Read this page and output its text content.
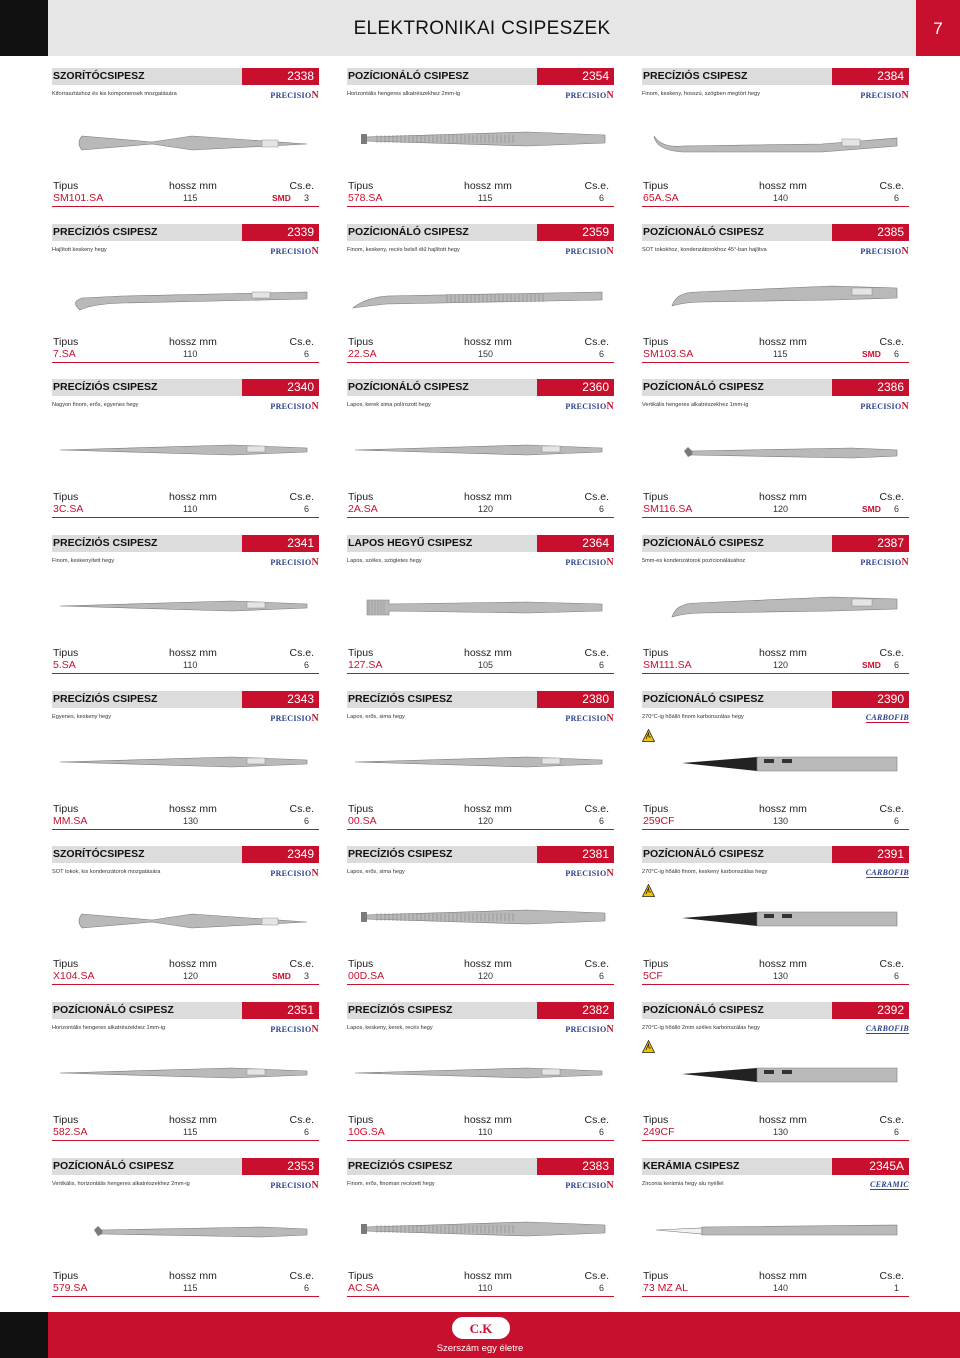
ELEKTRONIKAI CSIPESZEK	7
SZORÍTÓCSIPESZ	2338
Kiforrasztáshoz és kis komponensek mozgatására	PRECISION
Tipus	hossz mm	Cs.e.
SM101.SA	115	SMD 3
POZÍCIONÁLÓ CSIPESZ	2354
Horizontális hengeres alkatrészekhez 2mm-ig	PRECISION
Tipus	hossz mm	Cs.e.
578.SA	115	6
PRECÍZIÓS CSIPESZ	2384
Finom, keskeny, hosszú, szögben megtört hegy	PRECISION
Tipus	hossz mm	Cs.e.
65A.SA	140	6
PRECÍZIÓS CSIPESZ	2339
Hajlított keskeny hegy	PRECISION
Tipus	hossz mm	Cs.e.
7.SA	110	6
POZÍCIONÁLÓ CSIPESZ	2359
Finom, keskeny, recés belső élű hajlított hegy	PRECISION
Tipus	hossz mm	Cs.e.
22.SA	150	6
POZÍCIONÁLÓ CSIPESZ	2385
SOT tokokhoz, kondenzátorokhoz 45°-ban hajlítva	PRECISION
Tipus	hossz mm	Cs.e.
SM103.SA	115	SMD 6
PRECÍZIÓS CSIPESZ	2340
Nagyon finom, erős, egyenes hegy	PRECISION
Tipus	hossz mm	Cs.e.
3C.SA	110	6
POZÍCIONÁLÓ CSIPESZ	2360
Lapos, kerek sima polírozott hegy	PRECISION
Tipus	hossz mm	Cs.e.
2A.SA	120	6
POZÍCIONÁLÓ CSIPESZ	2386
Vertikális hengeres alkatrészekhez 1mm-ig	PRECISION
Tipus	hossz mm	Cs.e.
SM116.SA	120	SMD 6
PRECÍZIÓS CSIPESZ	2341
Finom, keskenyített hegy	PRECISION
Tipus	hossz mm	Cs.e.
5.SA	110	6
LAPOS HEGYŰ CSIPESZ	2364
Lapos, széles, szögletes hegy	PRECISION
Tipus	hossz mm	Cs.e.
127.SA	105	6
POZÍCIONÁLÓ CSIPESZ	2387
5mm-es kondenzátorok pozícionálásához	PRECISION
Tipus	hossz mm	Cs.e.
SM111.SA	120	SMD 6
PRECÍZIÓS CSIPESZ	2343
Egyenes, keskeny hegy	PRECISION
Tipus	hossz mm	Cs.e.
MM.SA	130	6
PRECÍZIÓS CSIPESZ	2380
Lapos, erős, sima hegy	PRECISION
Tipus	hossz mm	Cs.e.
00.SA	120	6
POZÍCIONÁLÓ CSIPESZ	2390
270°C-ig hőálló finom karbonszálas hegy	CARBOFIB
Tipus	hossz mm	Cs.e.
259CF	130	6
SZORÍTÓCSIPESZ	2349
SOT tokok, kis kondenzátorok mozgatására	PRECISION
Tipus	hossz mm	Cs.e.
X104.SA	120	SMD 3
PRECÍZIÓS CSIPESZ	2381
Lapos, erős, sima hegy	PRECISION
Tipus	hossz mm	Cs.e.
00D.SA	120	6
POZÍCIONÁLÓ CSIPESZ	2391
270°C-ig hőálló finom, keskeny karbonszálas hegy	CARBOFIB
Tipus	hossz mm	Cs.e.
5CF	130	6
POZÍCIONÁLÓ CSIPESZ	2351
Horizontális hengeres alkatrészekhez 1mm-ig	PRECISION
Tipus	hossz mm	Cs.e.
582.SA	115	6
PRECÍZIÓS CSIPESZ	2382
Lapos, keskeny, kerek, recés hegy	PRECISION
Tipus	hossz mm	Cs.e.
10G.SA	110	6
POZÍCIONÁLÓ CSIPESZ	2392
270°C-ig hőálló 2mm széles karbonszálas hegy	CARBOFIB
Tipus	hossz mm	Cs.e.
249CF	130	6
POZÍCIONÁLÓ CSIPESZ	2353
Vertikális, horizontális hengeres alkatrészekhez 2mm-ig	PRECISION
Tipus	hossz mm	Cs.e.
579.SA	115	6
PRECÍZIÓS CSIPESZ	2383
Finom, erős, finoman recézett hegy	PRECISION
Tipus	hossz mm	Cs.e.
AC.SA	110	6
KERÁMIA CSIPESZ	2345A
Zirconia kerámia hegy alu nyéllel	CERAMIC
Tipus	hossz mm	Cs.e.
73 MZ AL	140	1
C.K
Szerszám egy életre
